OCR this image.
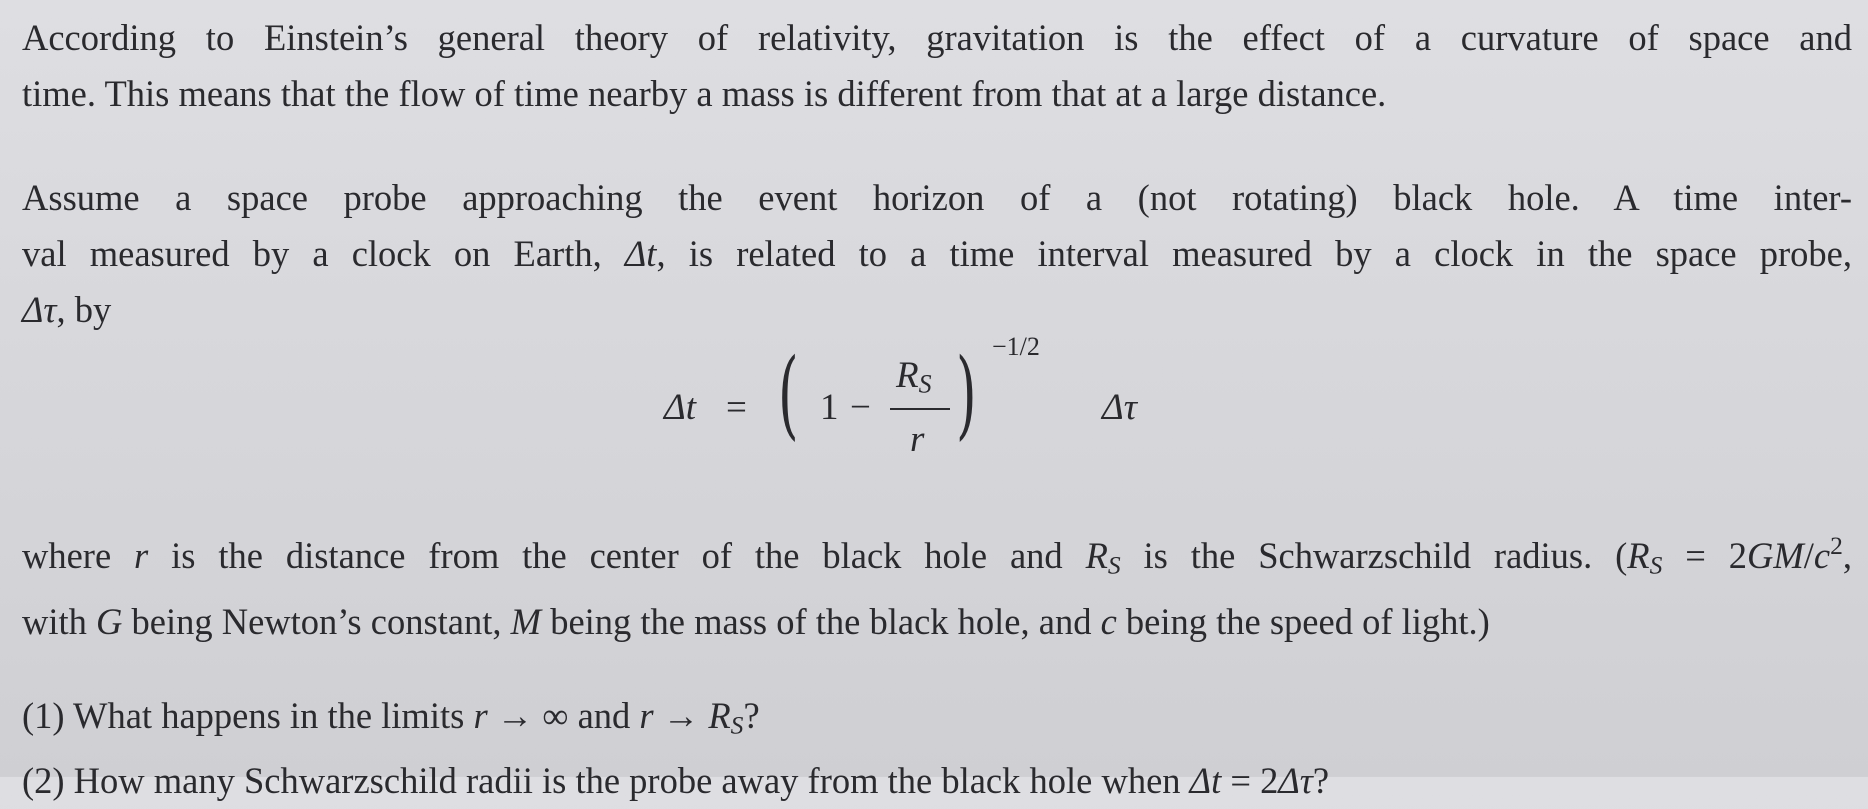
According to Einstein’s general theory of relativity, gravitation is the effect of a curvature of space and

time. This means that the flow of time nearby a mass is different from that at a large distance.

Assume a space probe approaching the event horizon of a (not rotating) black hole. A time inter-

val measured by a clock on Earth, Δt, is related to a time interval measured by a clock in the space probe,

Δτ, by

Δt = ( 1 −
$R_S$
r ) −1/2
Δτ

where r is the distance from the center of the black hole and $R_S$ is the Schwarzschild radius. ($R_S = 2GM/c^2$,

with G being Newton’s constant, M being the mass of the black hole, and c being the speed of light.)

(1) What happens in the limits r → ∞ and $r \to R_S$?

(2) How many Schwarzschild radii is the probe away from the black hole when Δt = 2Δτ?
